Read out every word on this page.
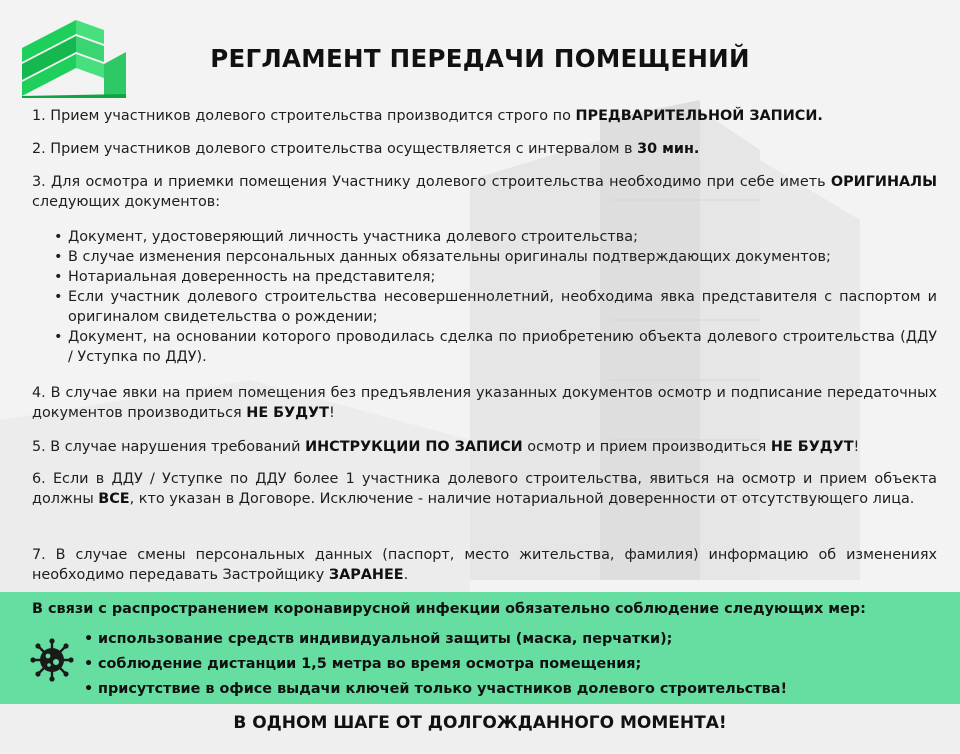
РЕГЛАМЕНТ ПЕРЕДАЧИ ПОМЕЩЕНИЙ
1. Прием участников долевого строительства производится строго по ПРЕДВАРИТЕЛЬНОЙ ЗАПИСИ.
2. Прием участников долевого строительства осуществляется с интервалом в 30 мин.
3. Для осмотра и приемки помещения Участнику долевого строительства необходимо при себе иметь ОРИГИНАЛЫ следующих документов:
• Документ, удостоверяющий личность участника долевого строительства;
• В случае изменения персональных данных обязательны оригиналы подтверждающих документов;
• Нотариальная доверенность на представителя;
• Если участник долевого строительства несовершеннолетний, необходима явка представителя с паспортом и оригиналом свидетельства о рождении;
• Документ, на основании которого проводилась сделка по приобретению объекта долевого строительства (ДДУ / Уступка по ДДУ).
4. В случае явки на прием помещения без предъявления указанных документов осмотр и подписание передаточных документов производиться НЕ БУДУТ!
5. В случае нарушения требований ИНСТРУКЦИИ ПО ЗАПИСИ осмотр и прием производиться НЕ БУДУТ!
6. Если в ДДУ / Уступке по ДДУ более 1 участника долевого строительства, явиться на осмотр и прием объекта должны ВСЕ, кто указан в Договоре. Исключение - наличие нотариальной доверенности от отсутствующего лица.
7. В случае смены персональных данных (паспорт, место жительства, фамилия) информацию об изменениях необходимо передавать Застройщику ЗАРАНЕЕ.
В связи с распространением коронавирусной инфекции обязательно соблюдение следующих мер:
• использование средств индивидуальной защиты (маска, перчатки);
• соблюдение дистанции 1,5 метра во время осмотра помещения;
• присутствие в офисе выдачи ключей только участников долевого строительства!
В ОДНОМ ШАГЕ ОТ ДОЛГОЖДАННОГО МОМЕНТА!
